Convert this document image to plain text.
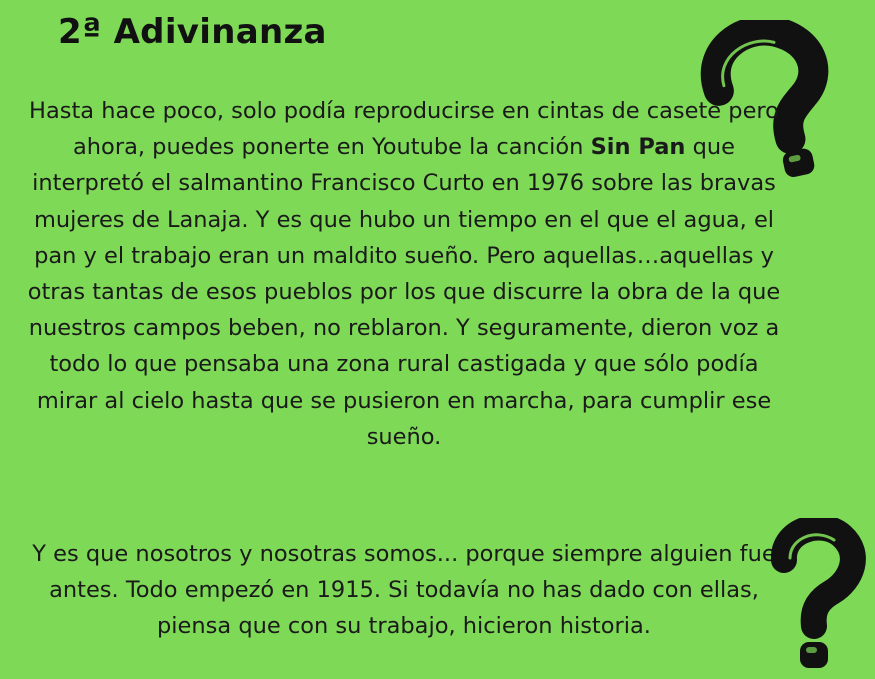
2ª Adivinanza

Hasta hace poco, solo podía reproducirse en cintas de casete pero ahora, puedes ponerte en Youtube la canción Sin Pan que interpretó el salmantino Francisco Curto en 1976 sobre las bravas mujeres de Lanaja. Y es que hubo un tiempo en el que el agua, el pan y el trabajo eran un maldito sueño. Pero aquellas…aquellas y otras tantas de esos pueblos por los que discurre la obra de la que nuestros campos beben, no reblaron. Y seguramente, dieron voz a todo lo que pensaba una zona rural castigada y que sólo podía mirar al cielo hasta que se pusieron en marcha, para cumplir ese sueño.

Y es que nosotros y nosotras somos... porque siempre alguien fue antes. Todo empezó en 1915. Si todavía no has dado con ellas, piensa que con su trabajo, hicieron historia.
